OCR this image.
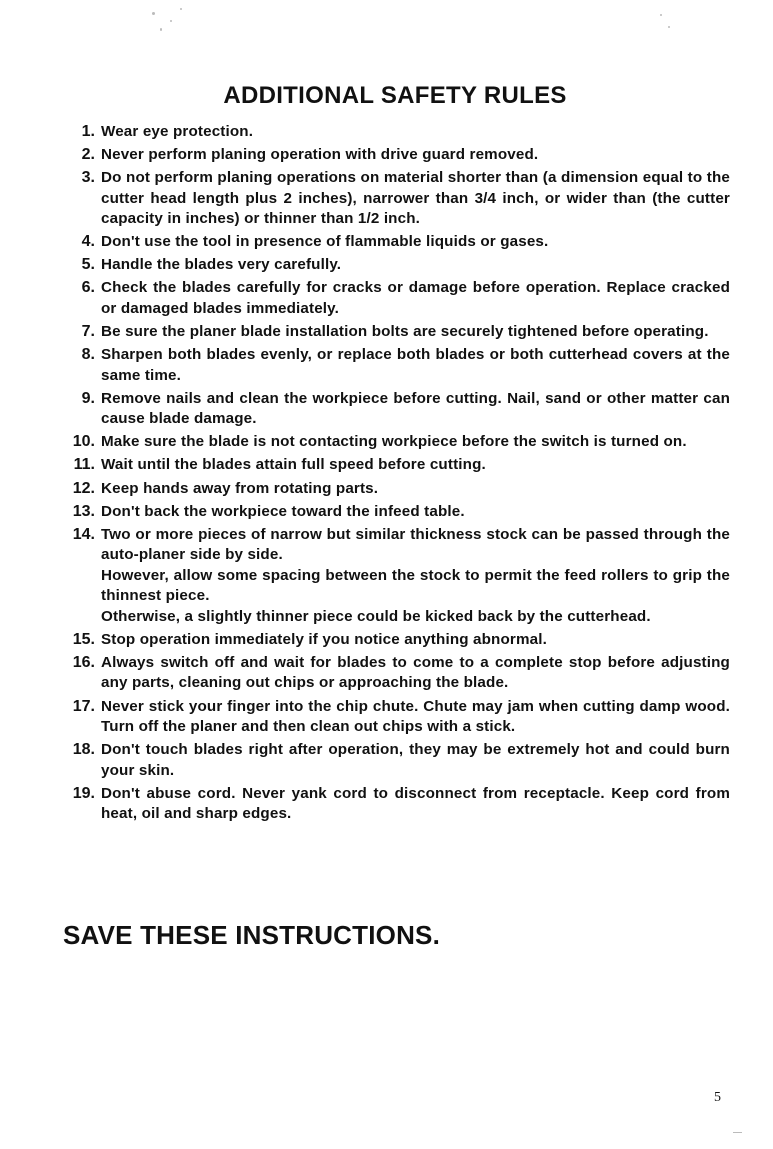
ADDITIONAL SAFETY RULES
1. Wear eye protection.
2. Never perform planing operation with drive guard removed.
3. Do not perform planing operations on material shorter than (a dimension equal to the cutter head length plus 2 inches), narrower than 3/4 inch, or wider than (the cutter capacity in inches) or thinner than 1/2 inch.
4. Don't use the tool in presence of flammable liquids or gases.
5. Handle the blades very carefully.
6. Check the blades carefully for cracks or damage before operation. Replace cracked or damaged blades immediately.
7. Be sure the planer blade installation bolts are securely tightened before operating.
8. Sharpen both blades evenly, or replace both blades or both cutterhead covers at the same time.
9. Remove nails and clean the workpiece before cutting. Nail, sand or other matter can cause blade damage.
10. Make sure the blade is not contacting workpiece before the switch is turned on.
11. Wait until the blades attain full speed before cutting.
12. Keep hands away from rotating parts.
13. Don't back the workpiece toward the infeed table.
14. Two or more pieces of narrow but similar thickness stock can be passed through the auto-planer side by side.
However, allow some spacing between the stock to permit the feed rollers to grip the thinnest piece.
Otherwise, a slightly thinner piece could be kicked back by the cutterhead.
15. Stop operation immediately if you notice anything abnormal.
16. Always switch off and wait for blades to come to a complete stop before adjusting any parts, cleaning out chips or approaching the blade.
17. Never stick your finger into the chip chute. Chute may jam when cutting damp wood. Turn off the planer and then clean out chips with a stick.
18. Don't touch blades right after operation, they may be extremely hot and could burn your skin.
19. Don't abuse cord. Never yank cord to disconnect from receptacle. Keep cord from heat, oil and sharp edges.
SAVE THESE INSTRUCTIONS.
5
